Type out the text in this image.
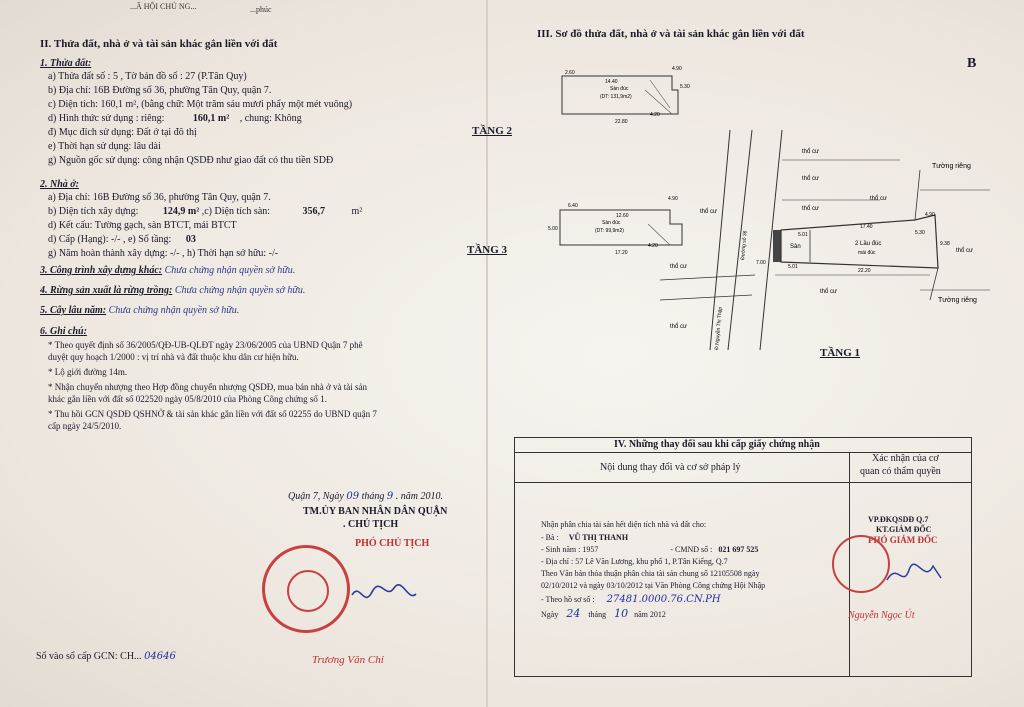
...Ã HỘI CHỦ NG...	...phúc
B
II. Thửa đất, nhà ở và tài sản khác gắn liền với đất
1. Thửa đất:
a) Thửa đất số : 5 , Tờ bản đồ số : 27 (P.Tân Quy)
b) Địa chỉ: 16B Đường số 36, phường Tân Quy, quận 7.
c) Diện tích: 160,1 m², (bằng chữ: Một trăm sáu mươi phẩy một mét vuông)
d) Hình thức sử dụng : riêng:	160,1 m² , chung: Không
đ) Mục đích sử dụng: Đất ở tại đô thị
e) Thời hạn sử dụng: lâu dài
g) Nguồn gốc sử dụng: công nhận QSDĐ như giao đất có thu tiền SDĐ
2. Nhà ở:
a) Địa chỉ: 16B Đường số 36, phường Tân Quy, quận 7.
b) Diện tích xây dựng: 124,9 m² ,c) Diện tích sàn:	356,7	m²
d) Kết cấu: Tường gạch, sàn BTCT, mái BTCT
d) Cấp (Hạng): -/- , e) Số tầng: 03
g) Năm hoàn thành xây dựng: -/- , h) Thời hạn sở hữu: -/-
3. Công trình xây dựng khác: Chưa chứng nhận quyền sở hữu.
4. Rừng sản xuất là rừng trồng: Chưa chứng nhận quyền sở hữu.
5. Cây lâu năm: Chưa chứng nhận quyền sở hữu.
6. Ghi chú:
* Theo quyết định số 36/2005/QĐ-UB-QLĐT ngày 23/06/2005 của UBND Quận 7 phê
duyệt quy hoạch 1/2000 : vị trí nhà và đất thuộc khu dân cư hiện hữu.
* Lộ giới đường 14m.
* Nhận chuyển nhượng theo Hợp đồng chuyển nhượng QSDĐ, mua bán nhà ở và tài sản
khác gắn liền với đất số 022520 ngày 05/8/2010 của Phòng Công chứng số 1.
* Thu hồi GCN QSDĐ QSHNỞ & tài sản khác gắn liền với đất số 02255 do UBND quận 7
cấp ngày 24/5/2010.
Quận 7, Ngày 09 tháng 9 . năm 2010.
TM.ỦY BAN NHÂN DÂN QUẬN
. CHỦ TỊCH
PHÓ CHỦ TỊCH
Trương Văn Chỉ
Số vào sổ cấp GCN: CH... 04646
III. Sơ đồ thửa đất, nhà ở và tài sản khác gắn liền với đất
TẦNG 2
TẦNG 3
TẦNG 1
Sàn đúc
(DT: 131,9m2)
2.60
14.40
4.90
22.80
4.20
5.30
Sàn đúc
(DT: 99,9m2)
6.40
12.60
4.90
17.20
5.00
4.20	Đường số 36
Đ.Nguyễn Thị Thập
Sân	2 Lầu đúc
mái đúc
4.90
17.40
5.01
22.20
9.38
5.30
7.00
5.01
thổ cư
thổ cư
thổ cư
thổ cư
thổ cư
thổ cư
thổ cư
thổ cư
thổ cư
Tường riêng
Tường riêng
IV. Những thay đổi sau khi cấp giấy chứng nhận
Nội dung thay đổi và cơ sở pháp lý
Xác nhận của cơ
quan có thẩm quyền
Nhận phân chia tài sản hết diện tích nhà và đất cho:
- Bà : VŨ THỊ THANH
- Sinh năm : 1957	- CMND số : 021 697 525
- Địa chỉ : 57 Lê Văn Lương, khu phố 1, P.Tân Kiểng, Q.7
Theo Văn bản thỏa thuận phân chia tài sản chung số 12105508 ngày
02/10/2012 và ngày 03/10/2012 tại Văn Phòng Công chứng Hội Nhập
- Theo hồ sơ số : 27481.0000.76.CN.PH
Ngày 24 tháng 10 năm 2012
VP.ĐKQSDĐ Q.7
KT.GIÁM ĐỐC
PHÓ GIÁM ĐỐC
Nguyễn Ngọc Út
